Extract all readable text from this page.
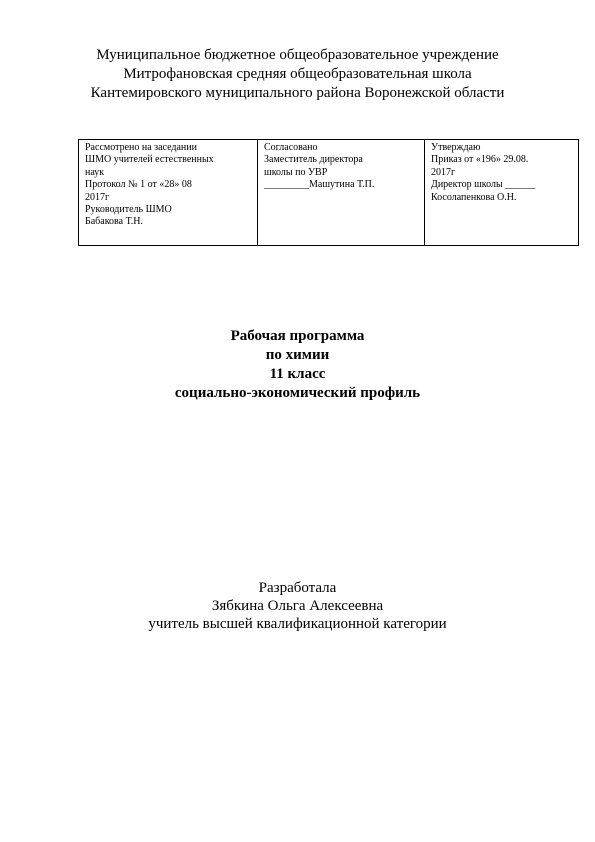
Муниципальное бюджетное общеобразовательное учреждение
Митрофановская средняя общеобразовательная школа
Кантемировского муниципального района Воронежской области
Рассмотрено на заседании
ШМО учителей естественных
наук
Протокол № 1 от «28» 08
2017г
Руководитель ШМО
Бабакова Т.Н.

Согласовано
Заместитель директора
школы по УВР
_________Машутина Т.П.

Утверждаю
Приказ от «196» 29.08.
2017г
Директор школы ______
Косолапенкова О.Н.
Рабочая программа
по химии
11 класс
социально-экономический профиль
Разработала
Зябкина Ольга Алексеевна
учитель высшей квалификационной категории
